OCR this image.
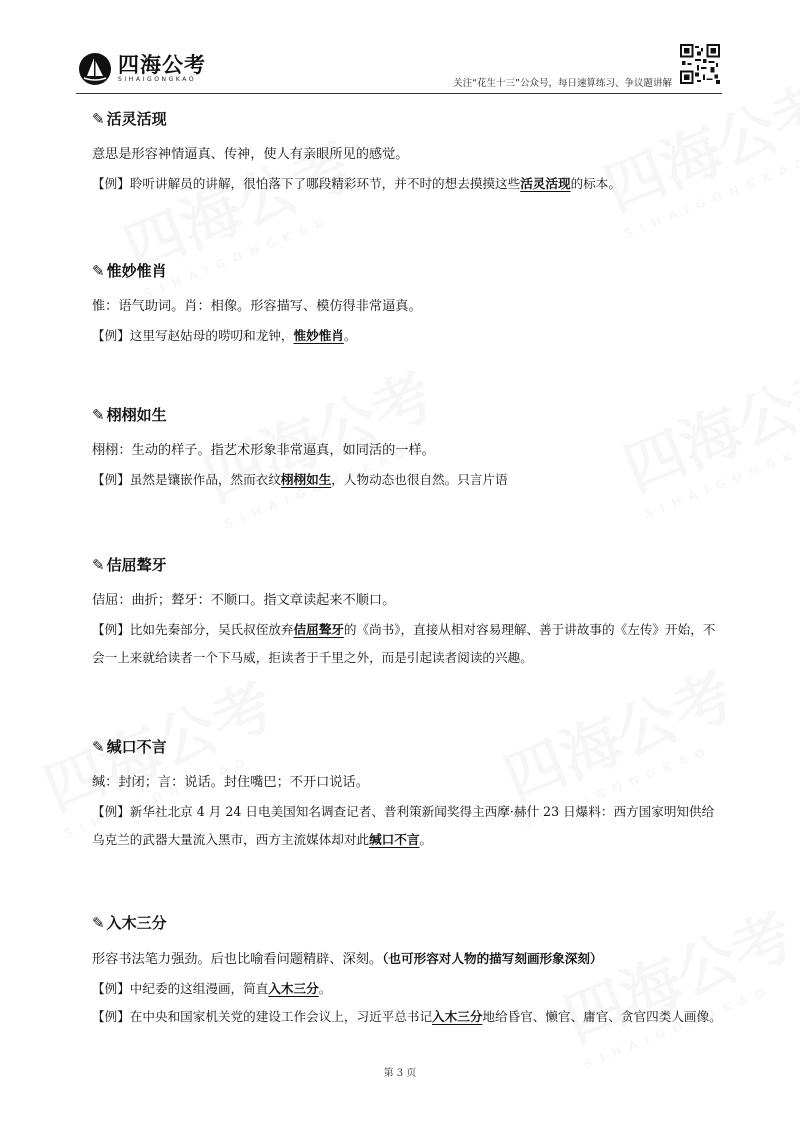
四海公考
SIHAIGONGKAO	关注“花生十三”公众号，每日速算练习、争议题讲解
✎ 活灵活现
意思是形容神情逼真、传神，使人有亲眼所见的感觉。
【例】聆听讲解员的讲解，很怕落下了哪段精彩环节，并不时的想去摸摸这些活灵活现的标本。
✎ 惟妙惟肖
惟：语气助词。肖：相像。形容描写、模仿得非常逼真。
【例】这里写赵姑母的唠叨和龙钟，惟妙惟肖。
✎ 栩栩如生
栩栩：生动的样子。指艺术形象非常逼真，如同活的一样。
【例】虽然是镶嵌作品，然而衣纹栩栩如生，人物动态也很自然。只言片语
✎ 佶屈聱牙
佶屈：曲折；聱牙：不顺口。指文章读起来不顺口。
【例】比如先秦部分，吴氏叔侄放弃佶屈聱牙的《尚书》，直接从相对容易理解、善于讲故事的《左传》开始，不会一上来就给读者一个下马威，拒读者于千里之外，而是引起读者阅读的兴趣。
✎ 缄口不言
缄：封闭；言：说话。封住嘴巴；不开口说话。
【例】新华社北京 4 月 24 日电美国知名调查记者、普利策新闻奖得主西摩·赫什 23 日爆料：西方国家明知供给乌克兰的武器大量流入黑市，西方主流媒体却对此缄口不言。
✎ 入木三分
形容书法笔力强劲。后也比喻看问题精辟、深刻。（也可形容对人物的描写刻画形象深刻）
【例】中纪委的这组漫画，简直入木三分。
【例】在中央和国家机关党的建设工作会议上，习近平总书记入木三分地给昏官、懒官、庸官、贪官四类人画像。
第 3 页
